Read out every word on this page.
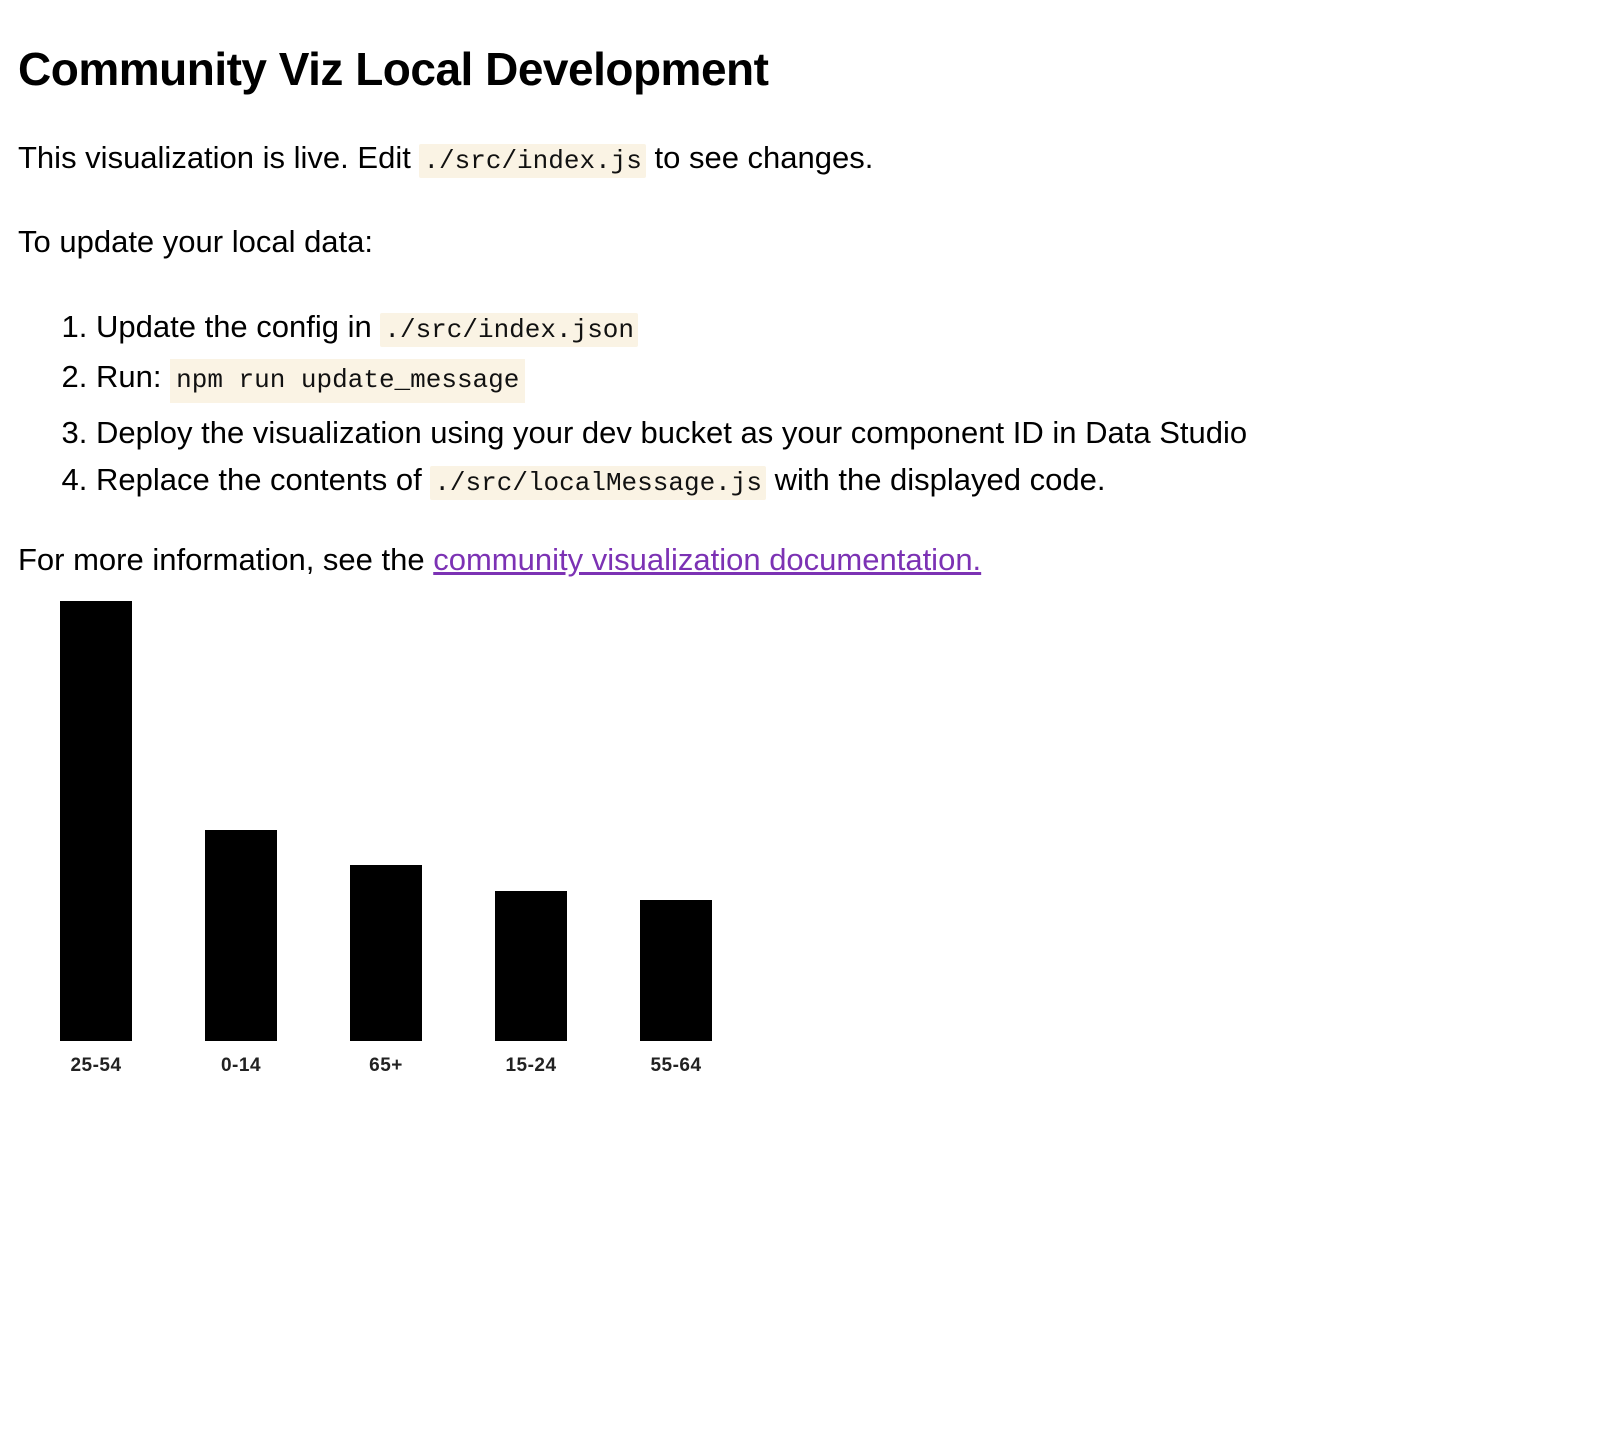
Community Viz Local Development

This visualization is live. Edit ./src/index.js to see changes.

To update your local data:

1. Update the config in ./src/index.json
2. Run: npm run update_message
3. Deploy the visualization using your dev bucket as your component ID in Data Studio
4. Replace the contents of ./src/localMessage.js with the displayed code.

For more information, see the community visualization documentation.

25-54	0-14	65+	15-24	55-64
